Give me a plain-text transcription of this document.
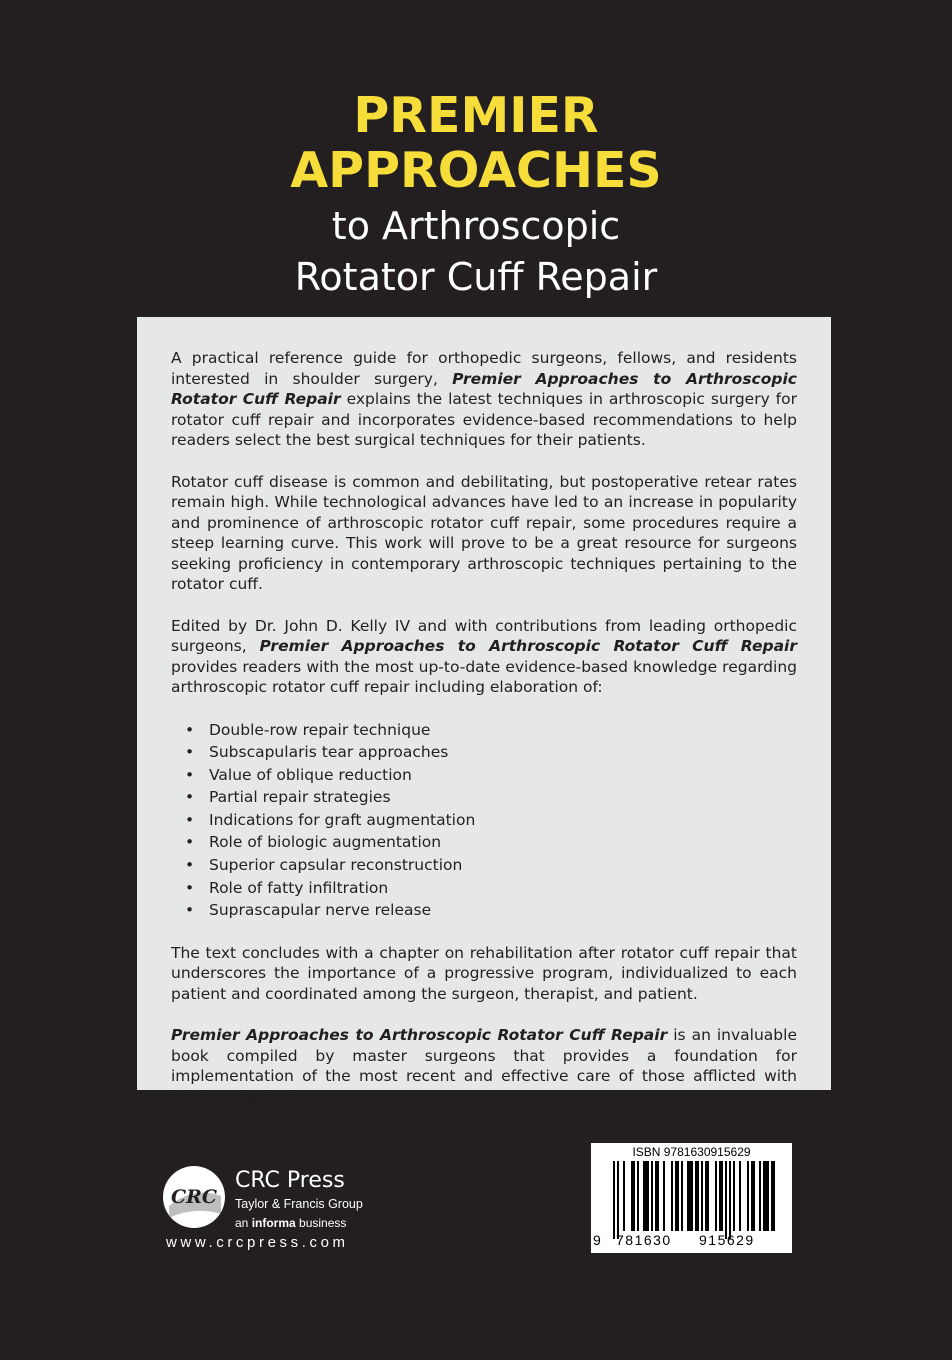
PREMIER
APPROACHES
to Arthroscopic
Rotator Cuff Repair

A practical reference guide for orthopedic surgeons, fellows, and residents interested in shoulder surgery, Premier Approaches to Arthroscopic Rotator Cuff Repair explains the latest techniques in arthroscopic surgery for rotator cuff repair and incorporates evidence-based recommendations to help readers select the best surgical techniques for their patients.

Rotator cuff disease is common and debilitating, but postoperative retear rates remain high. While technological advances have led to an increase in popularity and prominence of arthroscopic rotator cuff repair, some procedures require a steep learning curve. This work will prove to be a great resource for surgeons seeking proficiency in contemporary arthroscopic techniques pertaining to the rotator cuff.

Edited by Dr. John D. Kelly IV and with contributions from leading orthopedic surgeons, Premier Approaches to Arthroscopic Rotator Cuff Repair provides readers with the most up-to-date evidence-based knowledge regarding arthroscopic rotator cuff repair including elaboration of:

• Double-row repair technique
• Subscapularis tear approaches
• Value of oblique reduction
• Partial repair strategies
• Indications for graft augmentation
• Role of biologic augmentation
• Superior capsular reconstruction
• Role of fatty infiltration
• Suprascapular nerve release

The text concludes with a chapter on rehabilitation after rotator cuff repair that underscores the importance of a progressive program, individualized to each patient and coordinated among the surgeon, therapist, and patient.

Premier Approaches to Arthroscopic Rotator Cuff Repair is an invaluable book compiled by master surgeons that provides a foundation for implementation of the most recent and effective care of those afflicted with rotator cuff tears.

CRC
CRC Press
Taylor & Francis Group
an informa business
www.crcpress.com
ISBN 9781630915629
9 781630 915629
